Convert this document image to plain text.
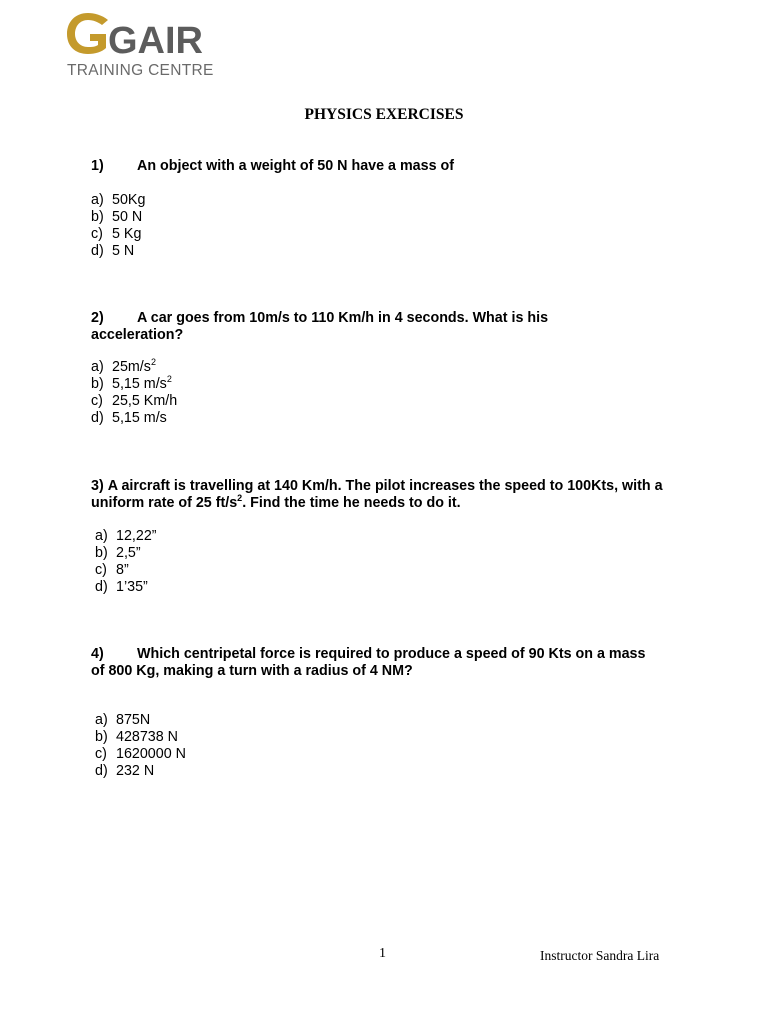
GAIR
TRAINING CENTRE
PHYSICS EXERCISES
1) An object with a weight of 50 N have a mass of
a) 50Kg
b) 50 N
c) 5 Kg
d) 5 N
2) A car goes from 10m/s to 110 Km/h in 4 seconds. What is his acceleration?
a) $25m/s^2$
b) 5,15 $m/s^2$
c) 25,5 Km/h
d) 5,15 m/s
3) A aircraft is travelling at 140 Km/h. The pilot increases the speed to 100Kts, with a uniform rate of 25 $ft/s^2$. Find the time he needs to do it.
a) 12,22”
b) 2,5”
c) 8”
d) 1’35”
4) Which centripetal force is required to produce a speed of 90 Kts on a mass of 800 Kg, making a turn with a radius of 4 NM?
a) 875N
b) 428738 N
c) 1620000 N
d) 232 N
1	Instructor Sandra Lira
